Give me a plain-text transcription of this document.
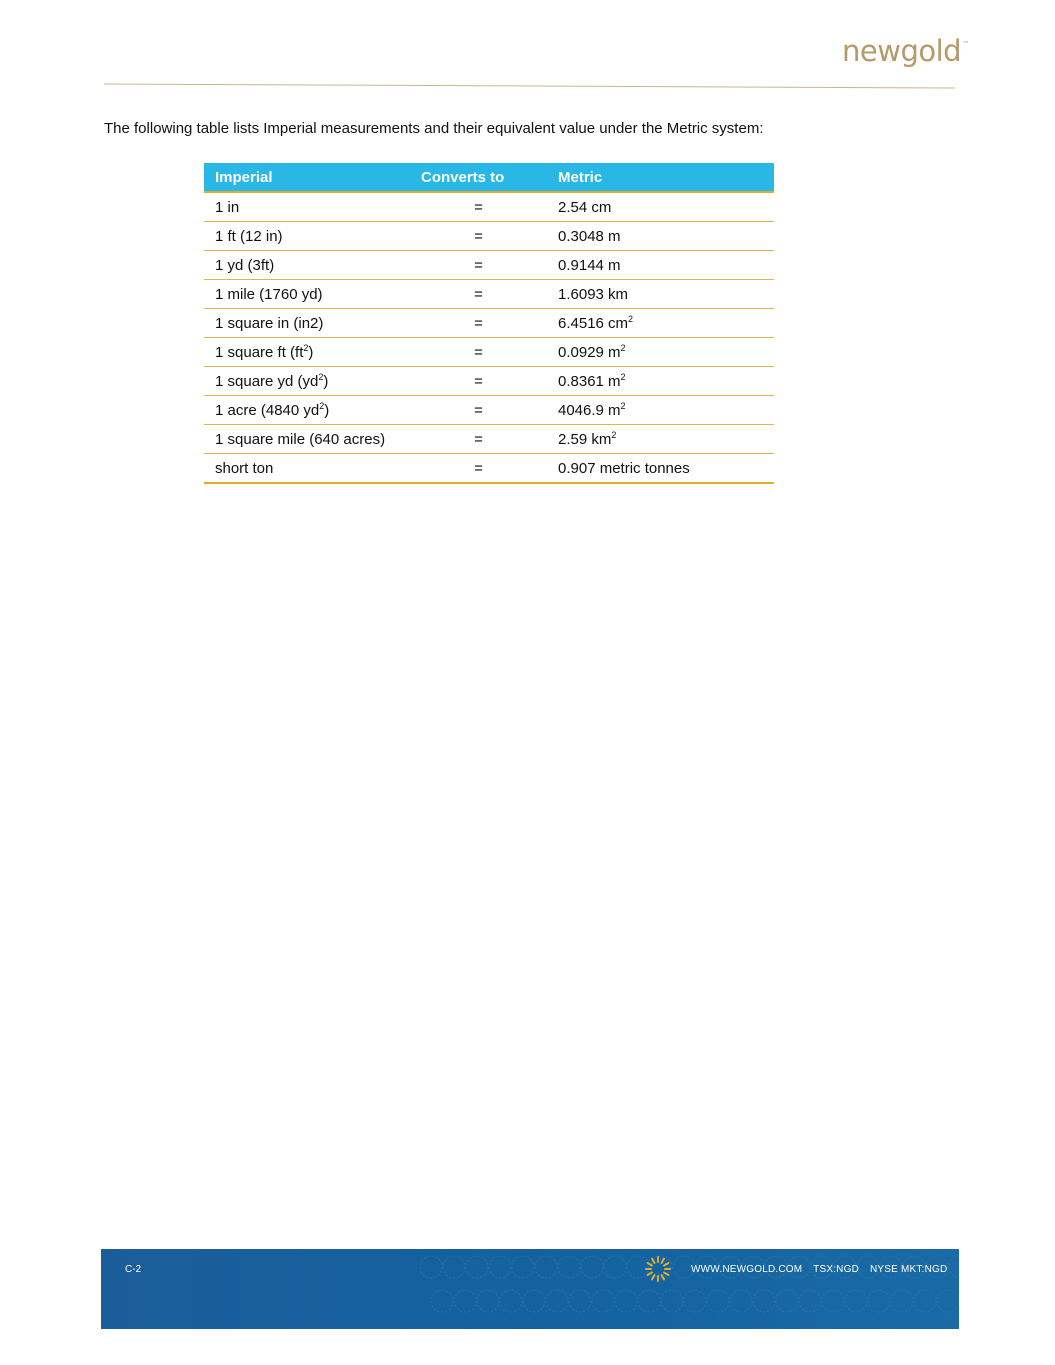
newgold™

The following table lists Imperial measurements and their equivalent value under the Metric system:

Imperial	Converts to	Metric
1 in	=	2.54 cm
1 ft (12 in)	=	0.3048 m
1 yd (3ft)	=	0.9144 m
1 mile (1760 yd)	=	1.6093 km
1 square in (in2)	=	6.4516 $cm^2$
1 square ft $(ft^2)$	=	0.0929 $m^2$
1 square yd $(yd^2)$	=	0.8361 $m^2$
1 acre (4840 $yd^2$)	=	4046.9 $m^2$
1 square mile (640 acres)	=	2.59 $km^2$
short ton	=	0.907 metric tonnes
C-2	WWW.NEWGOLD.COM TSX:NGD NYSE MKT:NGD
